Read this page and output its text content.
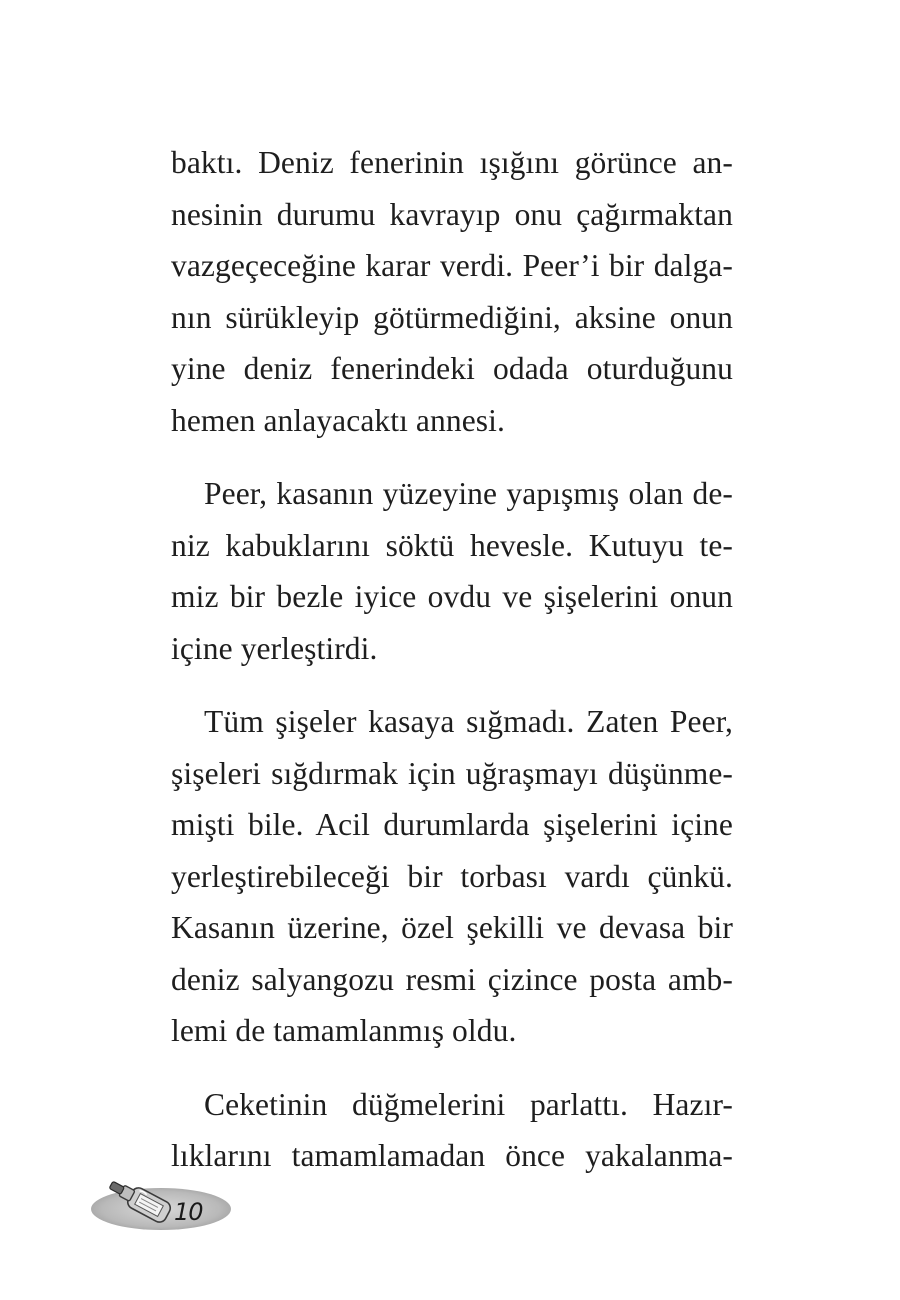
baktı. Deniz fenerinin ışığını görünce an-
nesinin durumu kavrayıp onu çağırmaktan
vazgeçeceğine karar verdi. Peer’i bir dalga-
nın sürükleyip götürmediğini, aksine onun
yine deniz fenerindeki odada oturduğunu
hemen anlayacaktı annesi.
Peer, kasanın yüzeyine yapışmış olan de-
niz kabuklarını söktü hevesle. Kutuyu te-
miz bir bezle iyice ovdu ve şişelerini onun
içine yerleştirdi.
Tüm şişeler kasaya sığmadı. Zaten Peer,
şişeleri sığdırmak için uğraşmayı düşünme-
mişti bile. Acil durumlarda şişelerini içine
yerleştirebileceği bir torbası vardı çünkü.
Kasanın üzerine, özel şekilli ve devasa bir
deniz salyangozu resmi çizince posta amb-
lemi de tamamlanmış oldu.
Ceketinin düğmelerini parlattı. Hazır-
lıklarını tamamlamadan önce yakalanma-
10
